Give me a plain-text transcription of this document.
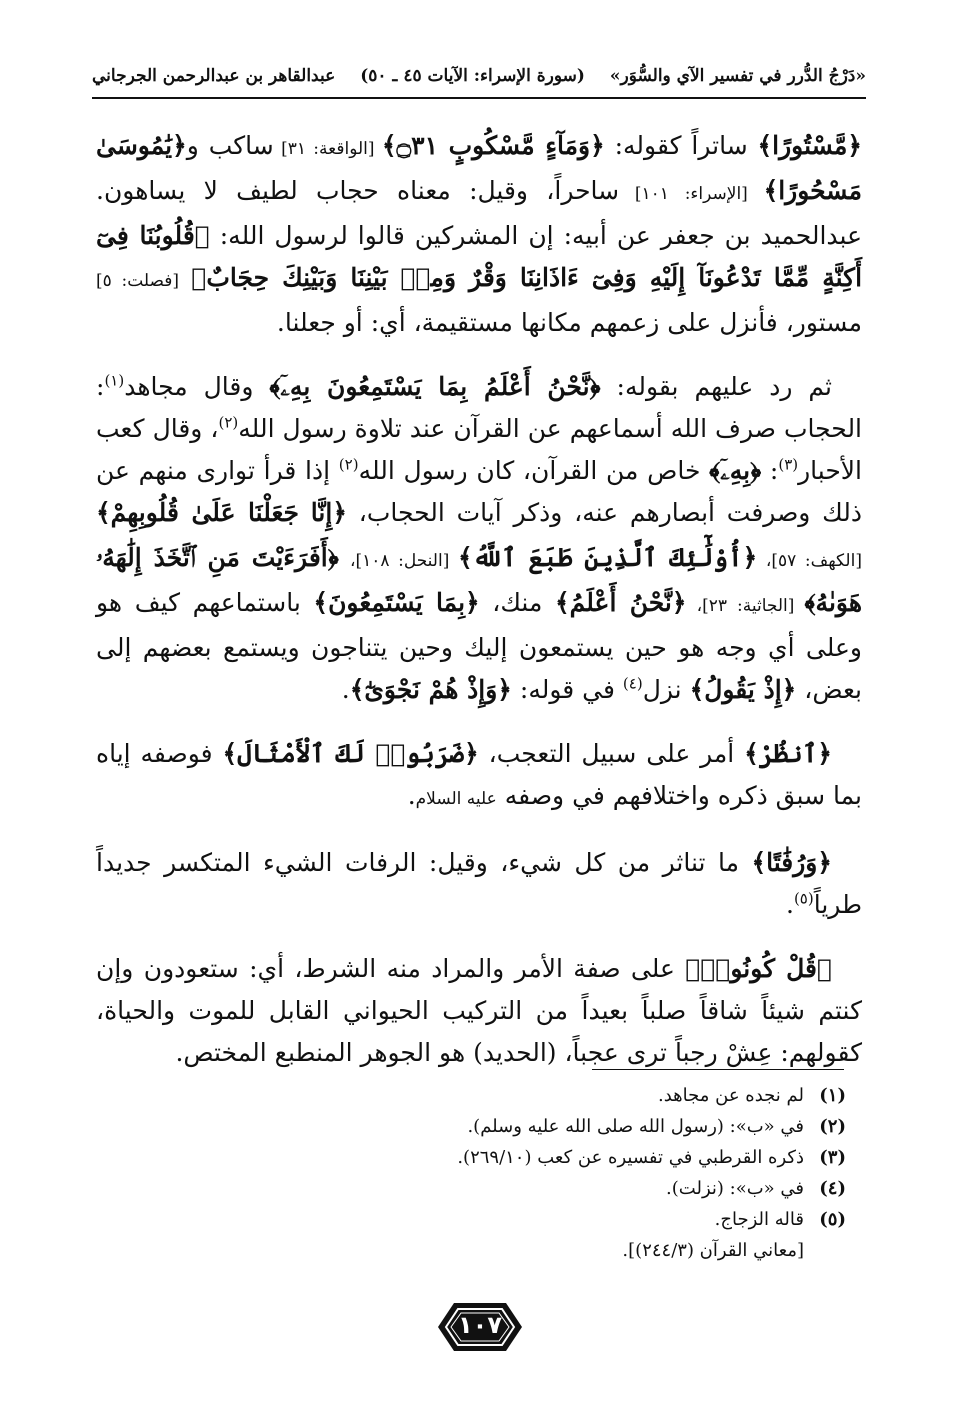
«دَرْجُ الدُّرر في تفسير الآي والسُّوَر»
(سورة الإسراء: الآيات ٤٥ ـ ٥٠)
عبدالقاهر بن عبدالرحمن الجرجاني
﴿مَّسْتُورًا﴾ ساتراً كقوله: ﴿وَمَآءٍ مَّسْكُوبٍ ۝٣١﴾ [الواقعة: ٣١] ساكب و﴿يَٰمُوسَىٰ مَسْحُورًا﴾ [الإسراء: ١٠١] ساحراً، وقيل: معناه حجاب لطيف لا يساهون. عبدالحميد بن جعفر عن أبيه: إن المشركين قالوا لرسول الله: ﴿قُلُوبُنَا فِىٓ أَكِنَّةٍ مِّمَّا تَدْعُونَآ إِلَيْهِ وَفِىٓ ءَاذَانِنَا وَقْرٌ وَمِنۢ بَيْنِنَا وَبَيْنِكَ حِجَابٌ﴾ [فصلت: ٥] مستور، فأنزل على زعمهم مكانها مستقيمة، أي: أو جعلنا.
ثم رد عليهم بقوله: ﴿نَّحْنُ أَعْلَمُ بِمَا يَسْتَمِعُونَ بِهِۦٓ﴾ وقال مجاهد$^{(١)}$: الحجاب صرف الله أسماعهم عن القرآن عند تلاوة رسول الله$^{(٢)}$، وقال كعب الأحبار$^{(٣)}$: ﴿بِهِۦٓ﴾ خاص من القرآن، كان رسول الله$^{(٢)}$ إذا قرأ توارى منهم عن ذلك وصرفت أبصارهم عنه، وذكر آيات الحجاب، ﴿إِنَّا جَعَلْنَا عَلَىٰ قُلُوبِهِمْ﴾ [الكهف: ٥٧]، ﴿أُوْلَٰٓئِكَ ٱلَّذِينَ طَبَعَ ٱللَّهُ﴾ [النحل: ١٠٨]، ﴿أَفَرَءَيْتَ مَنِ ٱتَّخَذَ إِلَٰهَهُۥ هَوَىٰهُ﴾ [الجاثية: ٢٣]، ﴿نَّحْنُ أَعْلَمُ﴾ منك، ﴿بِمَا يَسْتَمِعُونَ﴾ باستماعهم كيف هو وعلى أي وجه هو حين يستمعون إليك وحين يتناجون ويستمع بعضهم إلى بعض، ﴿إِذْ يَقُولُ﴾ نزل$^{(٤)}$ في قوله: ﴿وَإِذْ هُمْ نَجْوَىٰٓ﴾.
﴿ٱنظُرْ﴾ أمر على سبيل التعجب، ﴿ضَرَبُوا۟ لَكَ ٱلْأَمْثَالَ﴾ فوصفه إياه بما سبق ذكره واختلافهم في وصفه عليه السلام.
﴿وَرُفَٰتًا﴾ ما تناثر من كل شيء، وقيل: الرفات الشيء المتكسر جديداً طرياً$^{(٥)}$.
﴿قُلْ كُونُوا۟﴾ على صفة الأمر والمراد منه الشرط، أي: ستعودون وإن كنتم شيئاً شاقاً صلباً بعيداً من التركيب الحيواني القابل للموت والحياة، كقولهم: عِشْ رجباً ترى عجباً، (الحديد) هو الجوهر المنطبع المختص.
(١)
لم نجده عن مجاهد.
(٢)
في «ب»: (رسول الله صلى الله عليه وسلم).
(٣)
ذكره القرطبي في تفسيره عن كعب (٢٦٩/١٠).
(٤)
في «ب»: (نزلت).
(٥)
قاله الزجاج.
[معاني القرآن (٢٤٤/٣)].
١٠٧
